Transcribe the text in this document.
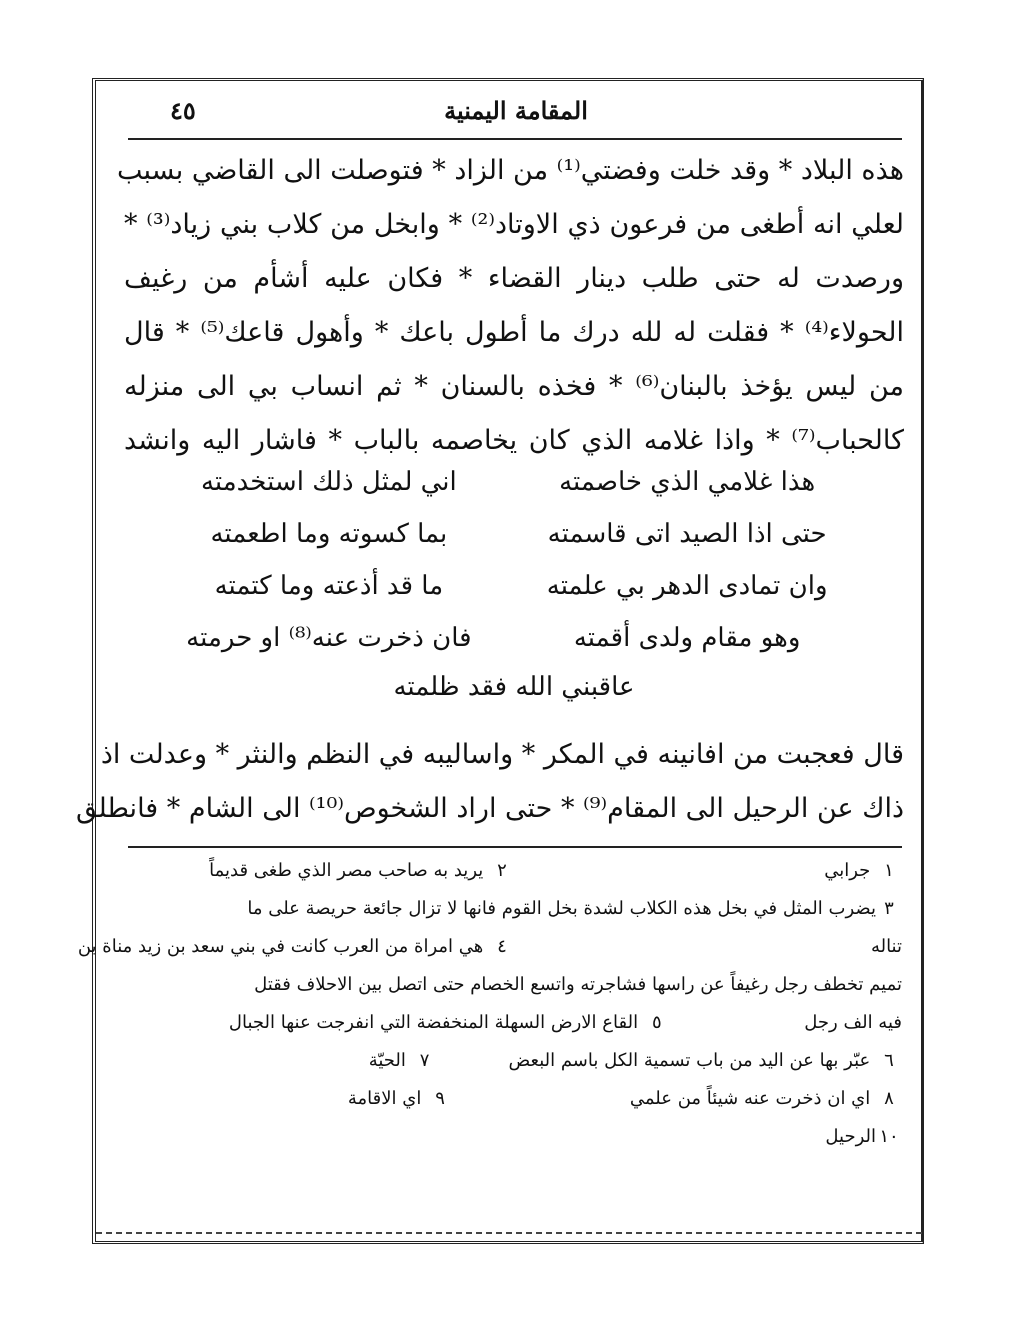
٤٥	المقامة اليمنية
هذه البلاد * وقد خلت وفضتي⁽¹⁾ من الزاد * فتوصلت الى القاضي بسبب
لعلي انه أطغى من فرعون ذي الاوتاد⁽²⁾ * وابخل من كلاب بني زياد⁽³⁾ *
ورصدت له حتى طلب دينار القضاء * فكان عليه أشأم من رغيف
الحولاء⁽⁴⁾ * فقلت له لله درك ما أطول باعك * وأهول قاعك⁽⁵⁾ * قال
من ليس يؤخذ بالبنان⁽⁶⁾ * فخذه بالسنان * ثم انساب بي الى منزله
كالحباب⁽⁷⁾ * واذا غلامه الذي كان يخاصمه بالباب * فاشار اليه وانشد
هذا غلامي الذي خاصمته
اني لمثل ذلك استخدمته
حتى اذا الصيد اتى قاسمته
بما كسوته وما اطعمته
وان تمادى الدهر بي علمته
ما قد أذعته وما كتمته
وهو مقام ولدى أقمته
فان ذخرت عنه⁽⁸⁾ او حرمته
عاقبني الله فقد ظلمته
قال فعجبت من افانينه في المكر * واساليبه في النظم والنثر * وعدلت اذ
ذاك عن الرحيل الى المقام⁽⁹⁾ * حتى اراد الشخوص⁽¹⁰⁾ الى الشام * فانطلق
١ جرابي
٢ يريد به صاحب مصر الذي طغى قديماً
٣
يضرب المثل في بخل هذه الكلاب لشدة بخل القوم فانها لا تزال جائعة حريصة على ما
تناله
٤ هي امراة من العرب كانت في بني سعد بن زيد مناة بن
تميم تخطف رجل رغيفاً عن راسها فشاجرته واتسع الخصام حتى اتصل بين الاحلاف فقتل
فيه الف رجل
٥ القاع الارض السهلة المنخفضة التي انفرجت عنها الجبال
٦ عبّر بها عن اليد من باب تسمية الكل باسم البعض
٧ الحيّة
٨ اي ان ذخرت عنه شيئاً من علمي
٩ اي الاقامة
١٠
الرحيل
